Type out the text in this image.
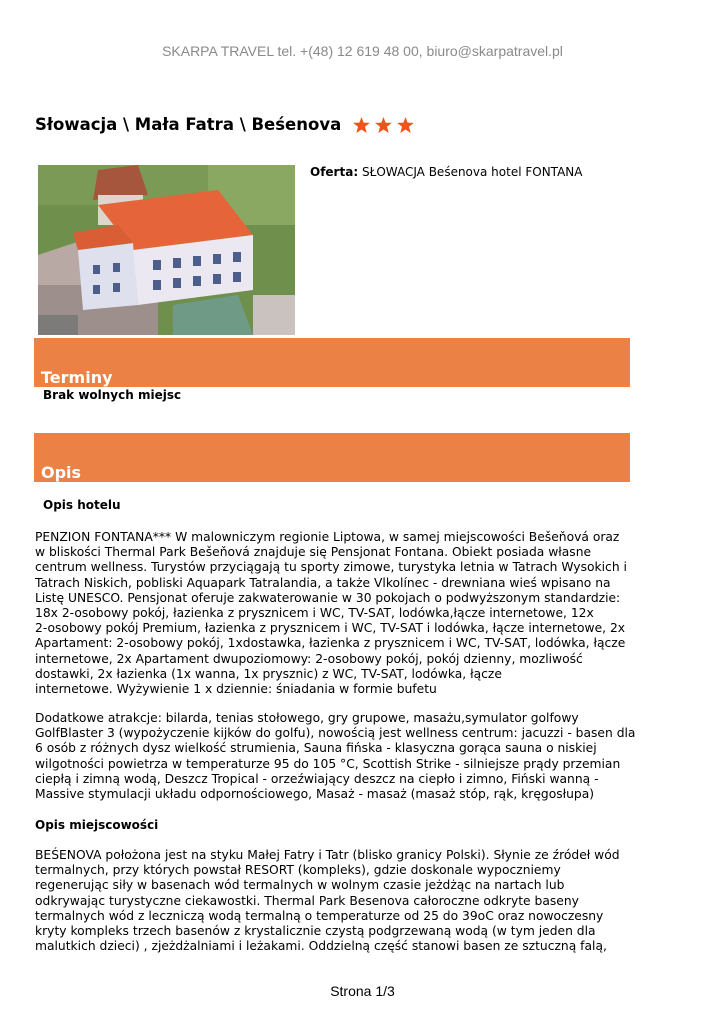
SKARPA TRAVEL tel. +(48) 12 619 48 00, biuro@skarpatravel.pl
Słowacja \ Mała Fatra \ Beśenova
Oferta: SŁOWACJA Beśenova hotel FONTANA
Terminy
Brak wolnych miejsc
Opis
Opis hotelu
PENZION FONTANA*** W malowniczym regionie Liptowa, w samej miejscowości Bešeňová oraz
w bliskości Thermal Park Bešeňová znajduje się Pensjonat Fontana. Obiekt posiada własne
centrum wellness. Turystów przyciągają tu sporty zimowe, turystyka letnia w Tatrach Wysokich i
Tatrach Niskich, pobliski Aquapark Tatralandia, a także Vlkolínec - drewniana wieś wpisano na
Listę UNESCO. Pensjonat oferuje zakwaterowanie w 30 pokojach o podwyższonym standardzie:
18x 2-osobowy pokój, łazienka z prysznicem i WC, TV-SAT, lodówka,łącze internetowe, 12x
2-osobowy pokój Premium, łazienka z prysznicem i WC, TV-SAT i lodówka, łącze internetowe, 2x
Apartament: 2-osobowy pokój, 1xdostawka, łazienka z prysznicem i WC, TV-SAT, lodówka, łącze
internetowe, 2x Apartament dwupoziomowy: 2-osobowy pokój, pokój dzienny, mozliwość
dostawki, 2x łazienka (1x wanna, 1x prysznic) z WC, TV-SAT, lodówka, łącze
internetowe. Wyżywienie 1 x dziennie: śniadania w formie bufetu
Dodatkowe atrakcje: bilarda, tenias stołowego, gry grupowe, masażu,symulator golfowy
GolfBlaster 3 (wypożyczenie kijków do golfu), nowością jest wellness centrum: jacuzzi - basen dla
6 osób z różnych dysz wielkość strumienia, Sauna fińska - klasyczna gorąca sauna o niskiej
wilgotności powietrza w temperaturze 95 do 105 °C, Scottish Strike - silniejsze prądy przemian
ciepłą i zimną wodą, Deszcz Tropical - orzeźwiający deszcz na ciepło i zimno, Fiński wanną -
Massive stymulacji układu odpornościowego, Masaż - masaż (masaż stóp, rąk, kręgosłupa)
Opis miejscowości
BEŚENOVA położona jest na styku Małej Fatry i Tatr (blisko granicy Polski). Słynie ze źródeł wód
termalnych, przy których powstał RESORT (kompleks), gdzie doskonale wypoczniemy
regenerując siły w basenach wód termalnych w wolnym czasie jeżdżąc na nartach lub
odkrywając turystyczne ciekawostki. Thermal Park Besenova całoroczne odkryte baseny
termalnych wód z leczniczą wodą termalną o temperaturze od 25 do 39oC oraz nowoczesny
kryty kompleks trzech basenów z krystalicznie czystą podgrzewaną wodą (w tym jeden dla
malutkich dzieci) , zjeżdżalniami i leżakami. Oddzielną część stanowi basen ze sztuczną falą,
Strona 1/3
